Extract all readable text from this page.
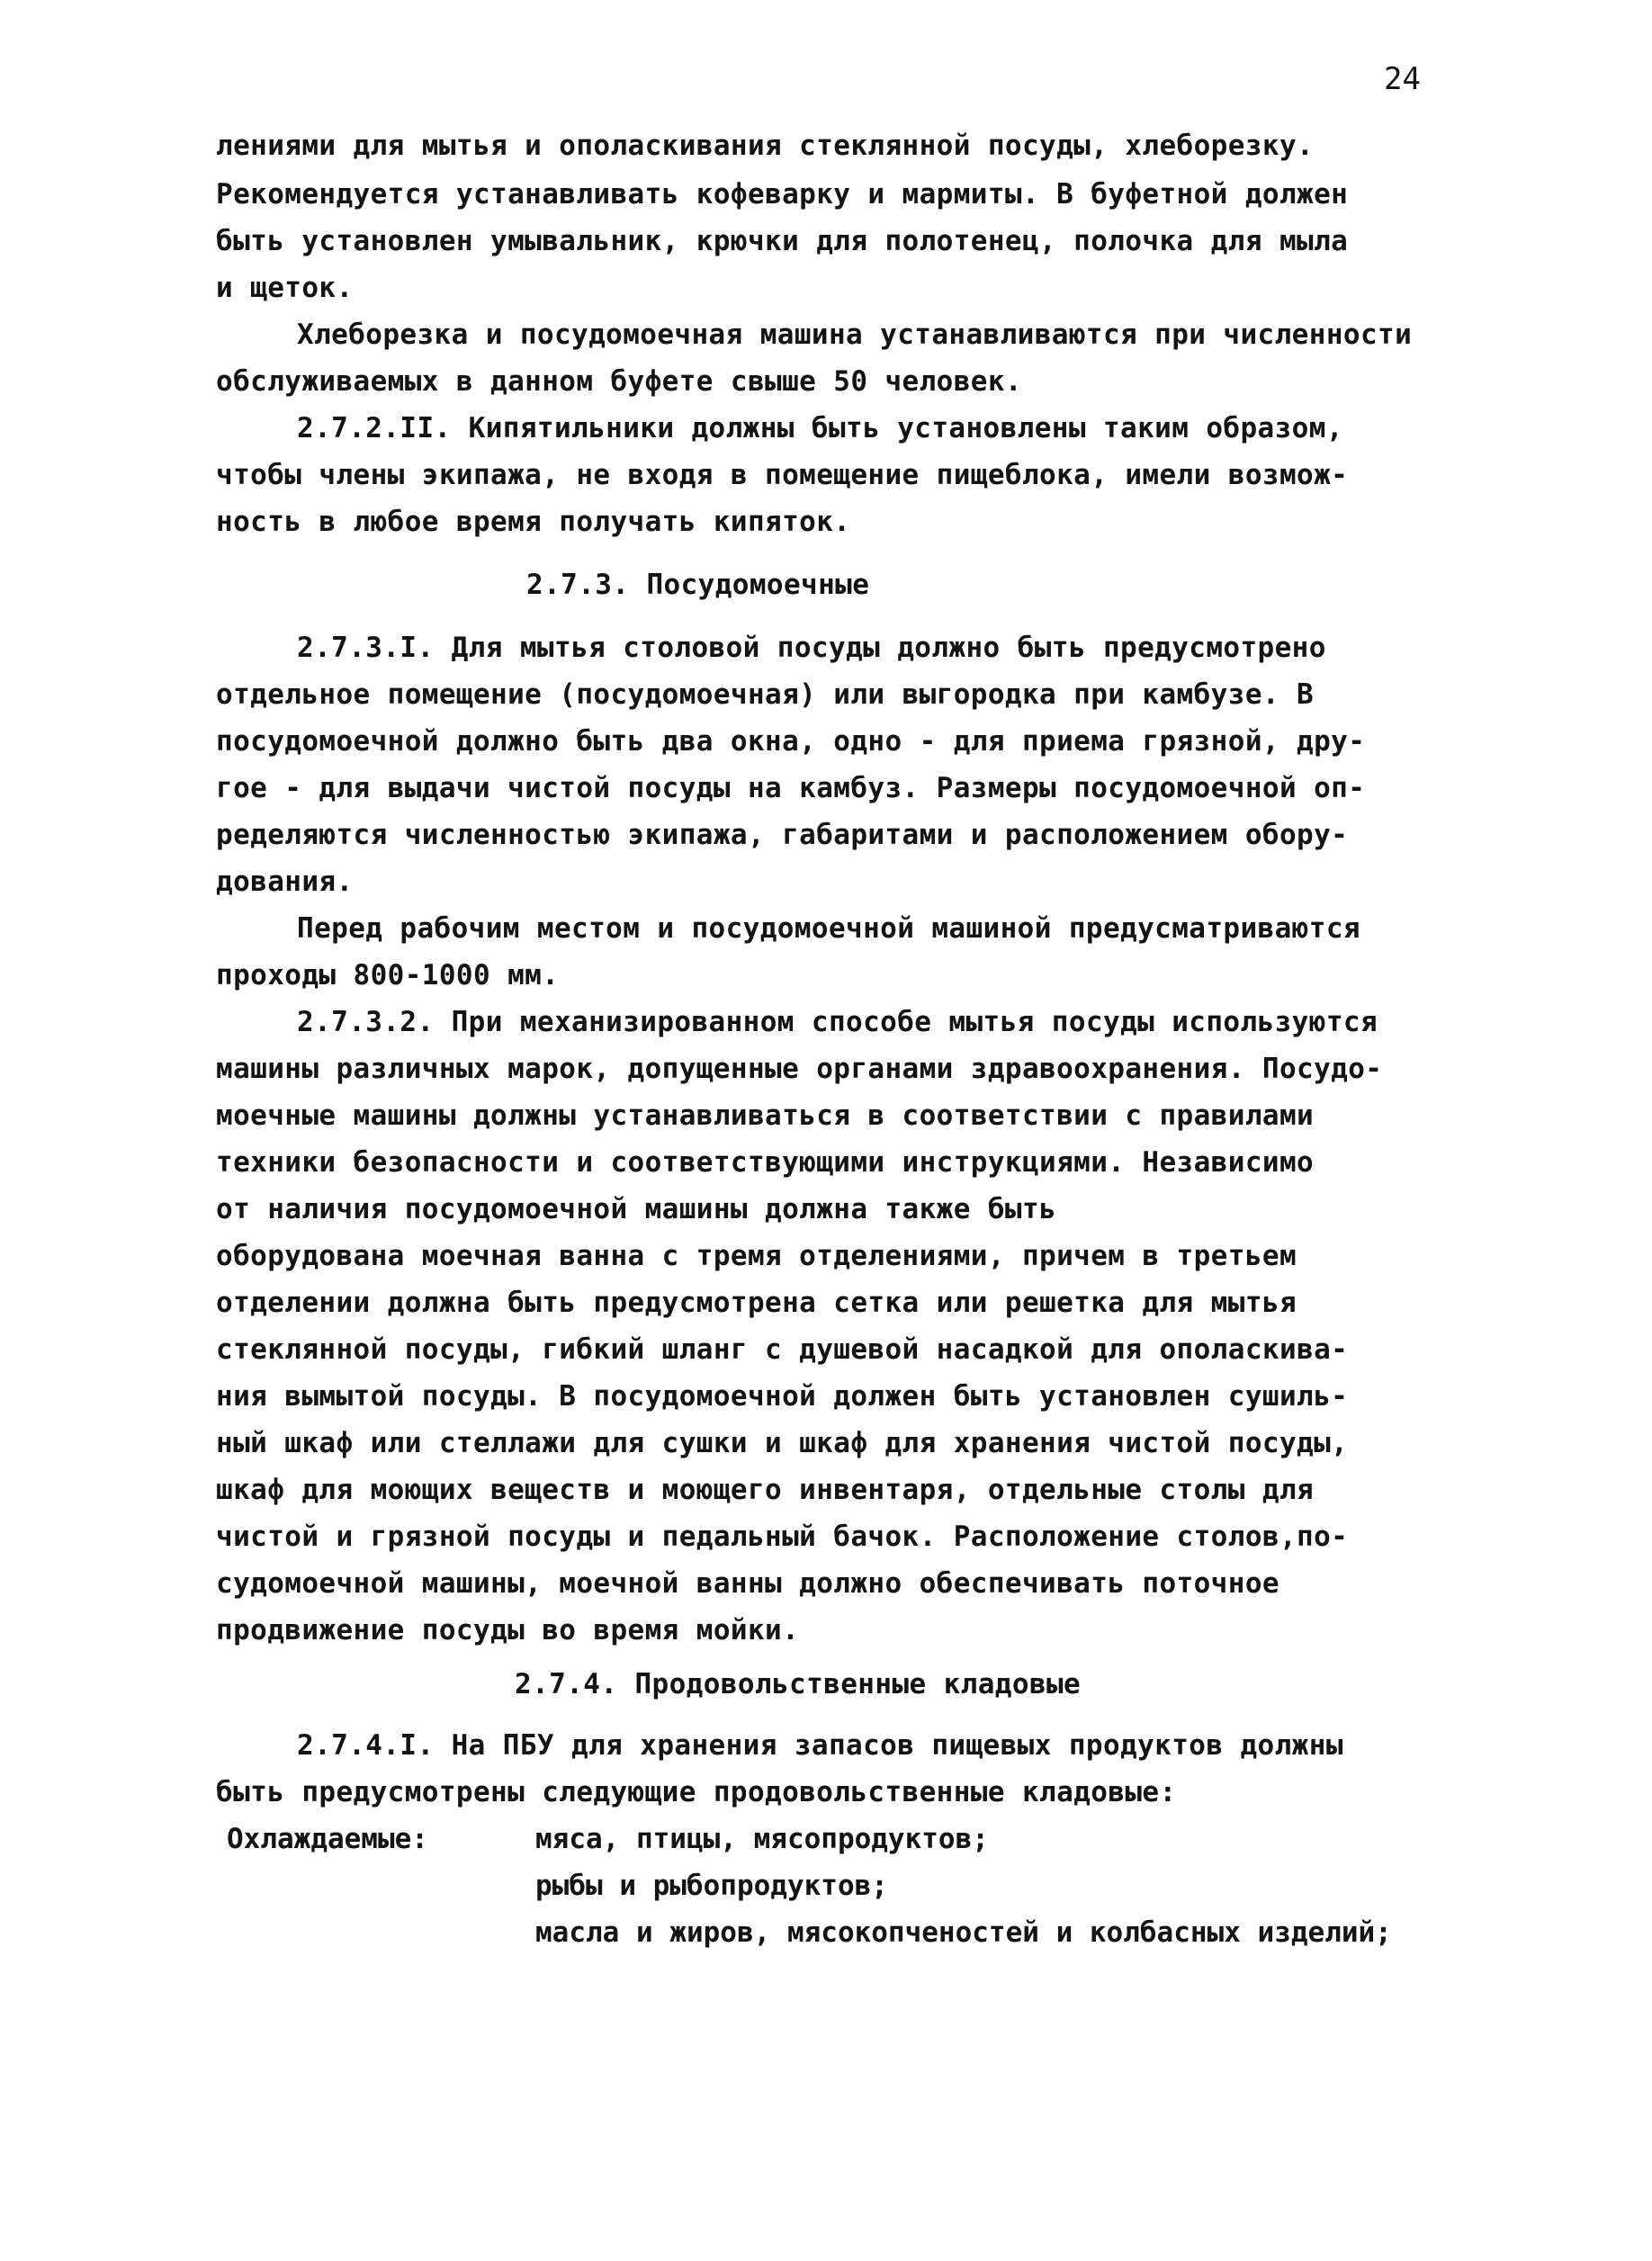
24
лениями для мытья и ополаскивания стеклянной посуды, хлеборезку.
Рекомендуется устанавливать кофеварку и мармиты. В буфетной должен
быть установлен умывальник, крючки для полотенец, полочка для мыла
и щеток.
Хлеборезка и посудомоечная машина устанавливаются при численности
обслуживаемых в данном буфете свыше 50 человек.
2.7.2.II. Кипятильники должны быть установлены таким образом,
чтобы члены экипажа, не входя в помещение пищеблока, имели возмож-
ность в любое время получать кипяток.
2.7.3. Посудомоечные
2.7.3.I. Для мытья столовой посуды должно быть предусмотрено
отдельное помещение (посудомоечная) или выгородка при камбузе. В
посудомоечной должно быть два окна, одно - для приема грязной, дру-
гое - для выдачи чистой посуды на камбуз. Размеры посудомоечной оп-
ределяются численностью экипажа, габаритами и расположением обору-
дования.
Перед рабочим местом и посудомоечной машиной предусматриваются
проходы 800-1000 мм.
2.7.3.2. При механизированном способе мытья посуды используются
машины различных марок, допущенные органами здравоохранения. Посудо-
моечные машины должны устанавливаться в соответствии с правилами
техники безопасности и соответствующими инструкциями. Независимо
от наличия посудомоечной машины должна также быть
оборудована моечная ванна с тремя отделениями, причем в третьем
отделении должна быть предусмотрена сетка или решетка для мытья
стеклянной посуды, гибкий шланг с душевой насадкой для ополаскива-
ния вымытой посуды. В посудомоечной должен быть установлен сушиль-
ный шкаф или стеллажи для сушки и шкаф для хранения чистой посуды,
шкаф для моющих веществ и моющего инвентаря, отдельные столы для
чистой и грязной посуды и педальный бачок. Расположение столов,по-
судомоечной машины, моечной ванны должно обеспечивать поточное
продвижение посуды во время мойки.
2.7.4. Продовольственные кладовые
2.7.4.I. На ПБУ для хранения запасов пищевых продуктов должны
быть предусмотрены следующие продовольственные кладовые:
Охлаждаемые:	мяса, птицы, мясопродуктов;
рыбы и рыбопродуктов;
масла и жиров, мясокопченостей и колбасных изделий;
